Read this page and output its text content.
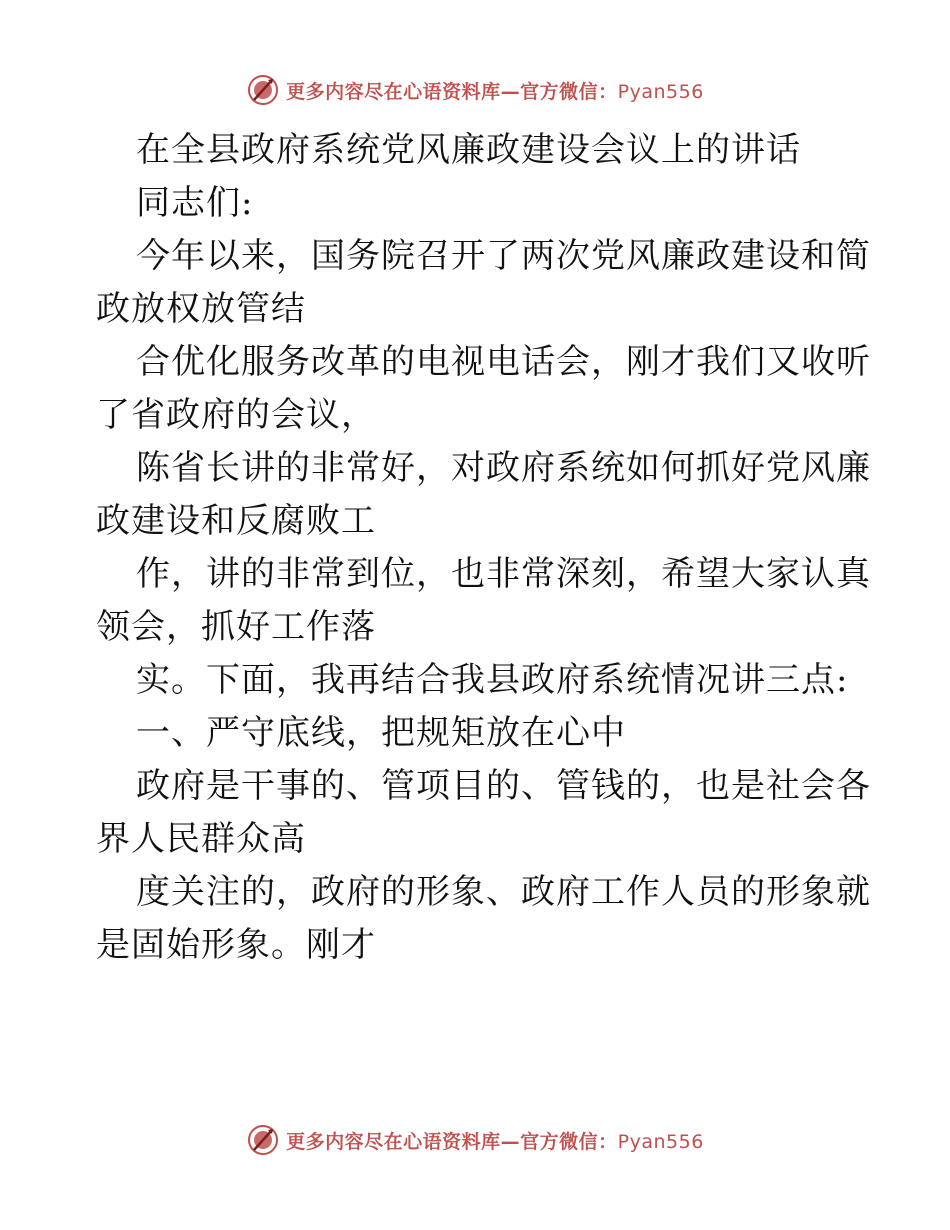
更多内容尽在心语资料库—官方微信：Pyan556
在全县政府系统党风廉政建设会议上的讲话
同志们:
今年以来，国务院召开了两次党风廉政建设和简
政放权放管结
合优化服务改革的电视电话会，刚才我们又收听
了省政府的会议，
陈省长讲的非常好，对政府系统如何抓好党风廉
政建设和反腐败工
作，讲的非常到位，也非常深刻，希望大家认真
领会，抓好工作落
实。下面，我再结合我县政府系统情况讲三点:
一、严守底线，把规矩放在心中
政府是干事的、管项目的、管钱的，也是社会各
界人民群众高
度关注的，政府的形象、政府工作人员的形象就
是固始形象。刚才
更多内容尽在心语资料库—官方微信：Pyan556
